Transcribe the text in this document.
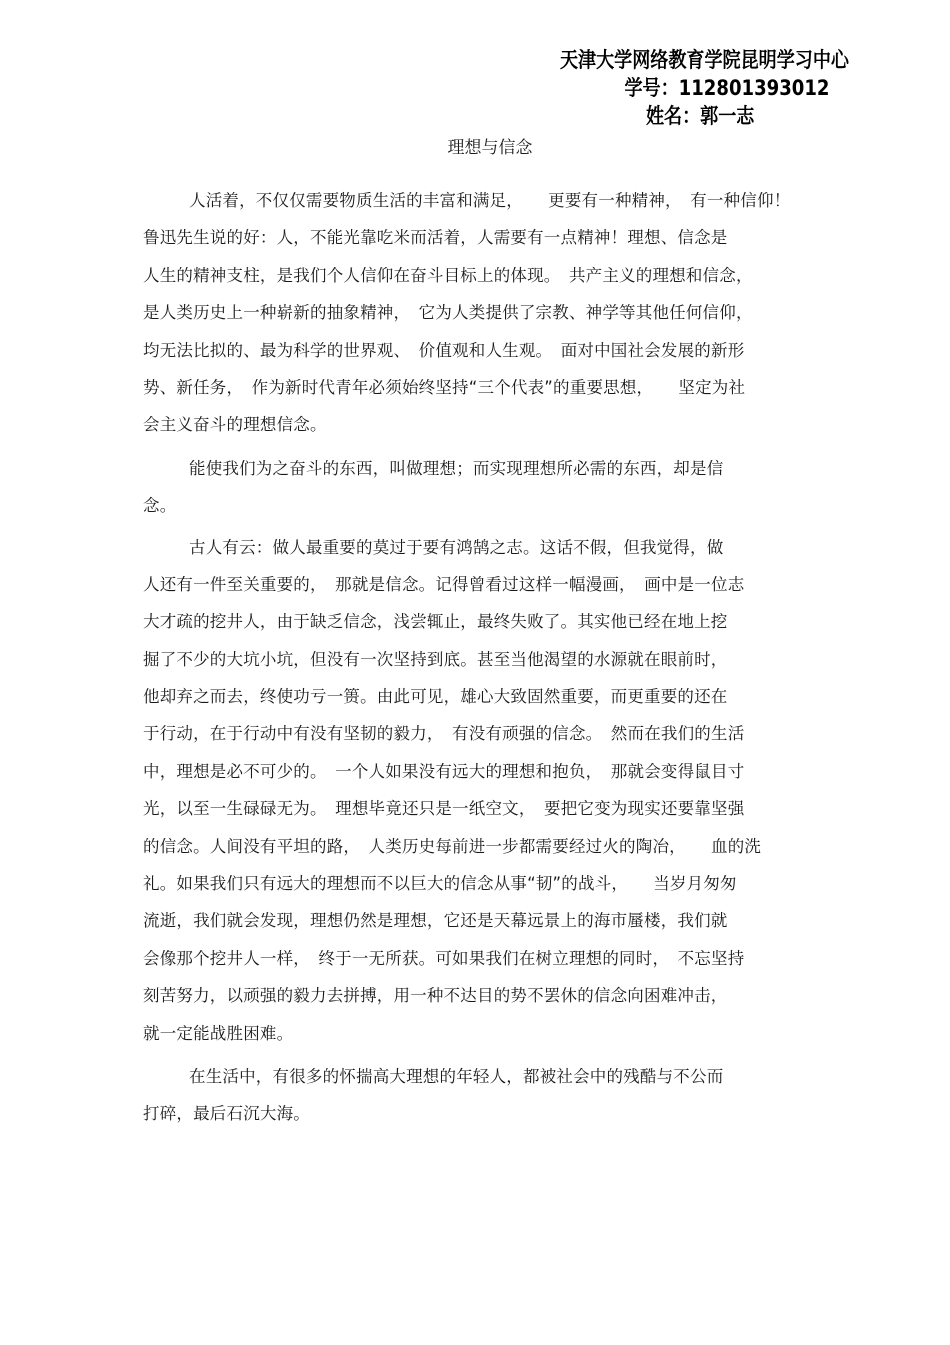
天津大学网络教育学院昆明学习中心
学号：112801393012
姓名：郭一志
理想与信念
人活着，不仅仅需要物质生活的丰富和满足，　　更要有一种精神，　有一种信仰！
鲁迅先生说的好：人，不能光靠吃米而活着，人需要有一点精神！理想、信念是
人生的精神支柱，是我们个人信仰在奋斗目标上的体现。　共产主义的理想和信念，
是人类历史上一种崭新的抽象精神，　它为人类提供了宗教、神学等其他任何信仰，
均无法比拟的、最为科学的世界观、　价值观和人生观。　面对中国社会发展的新形
势、新任务，　作为新时代青年必须始终坚持“三个代表”的重要思想，　　坚定为社
会主义奋斗的理想信念。
能使我们为之奋斗的东西，叫做理想；而实现理想所必需的东西，却是信
念。
古人有云：做人最重要的莫过于要有鸿鹄之志。这话不假，但我觉得，做
人还有一件至关重要的，　那就是信念。记得曾看过这样一幅漫画，　画中是一位志
大才疏的挖井人，由于缺乏信念，浅尝辄止，最终失败了。其实他已经在地上挖
掘了不少的大坑小坑，但没有一次坚持到底。甚至当他渴望的水源就在眼前时，
他却弃之而去，终使功亏一篑。由此可见，雄心大致固然重要，而更重要的还在
于行动，在于行动中有没有坚韧的毅力，　有没有顽强的信念。　然而在我们的生活
中，理想是必不可少的。　一个人如果没有远大的理想和抱负，　那就会变得鼠目寸
光，以至一生碌碌无为。　理想毕竟还只是一纸空文，　要把它变为现实还要靠坚强
的信念。人间没有平坦的路，　人类历史每前进一步都需要经过火的陶冶，　　血的洗
礼。如果我们只有远大的理想而不以巨大的信念从事“韧”的战斗，　　当岁月匆匆
流逝，我们就会发现，理想仍然是理想，它还是天幕远景上的海市蜃楼，我们就
会像那个挖井人一样，　终于一无所获。可如果我们在树立理想的同时，　不忘坚持
刻苦努力，以顽强的毅力去拼搏，用一种不达目的势不罢休的信念向困难冲击，
就一定能战胜困难。
在生活中，有很多的怀揣高大理想的年轻人，都被社会中的残酷与不公而
打碎，最后石沉大海。
